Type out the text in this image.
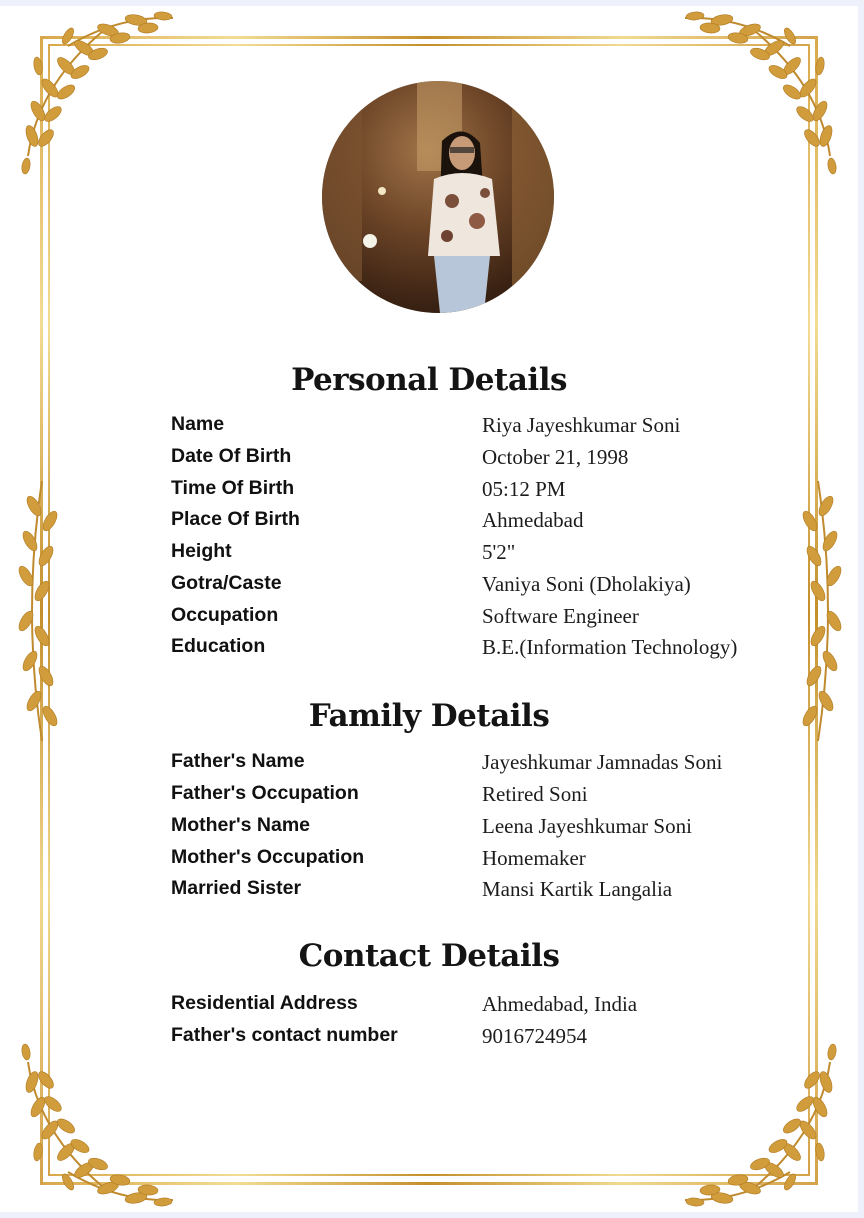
Personal Details
Name	Riya Jayeshkumar Soni
Date Of Birth	October 21, 1998
Time Of Birth	05:12 PM
Place Of Birth	Ahmedabad
Height	5'2"
Gotra/Caste	Vaniya Soni (Dholakiya)
Occupation	Software Engineer
Education	B.E.(Information Technology)
Family Details
Father's Name	Jayeshkumar Jamnadas Soni
Father's Occupation	Retired Soni
Mother's Name	Leena Jayeshkumar Soni
Mother's Occupation	Homemaker
Married Sister	Mansi Kartik Langalia
Contact Details
Residential Address	Ahmedabad, India
Father's contact number	9016724954
